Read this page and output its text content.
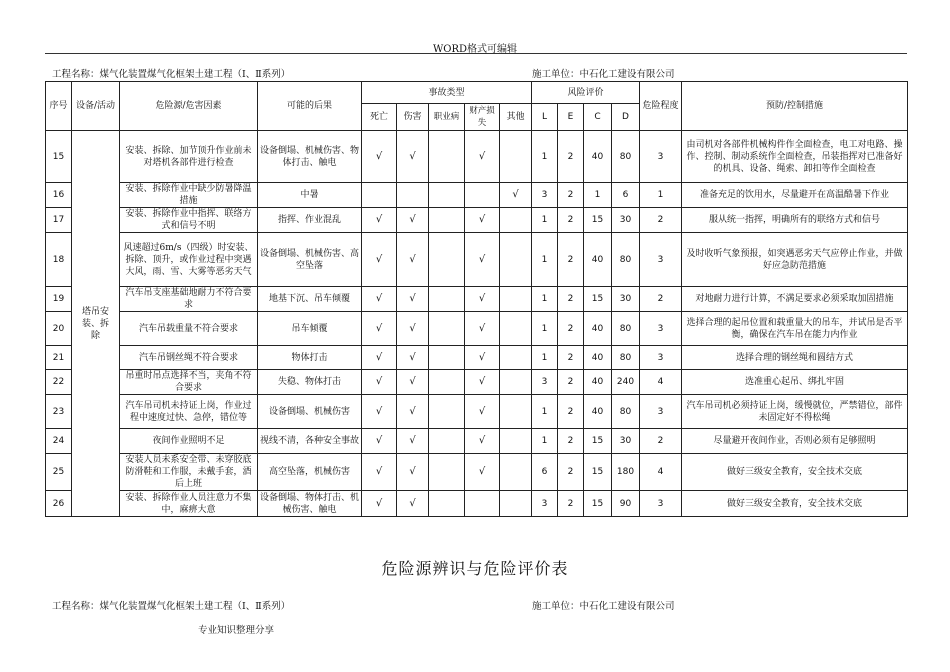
WORD格式可编辑
工程名称：煤气化装置煤气化框架土建工程（Ⅰ、Ⅱ系列）	施工单位：中石化工建设有限公司
序号	设备/活动	危险源/危害因素	可能的后果	事故类型					风险评价				危险程度	预防/控制措施
				死亡	伤害	职业病	财产损失	其他	L	E	C	D		
15	塔吊安装、拆除	安装、拆除、加节顶升作业前未对塔机各部件进行检查	设备倒塌、机械伤害、物体打击、触电	√	√		√		1	2	40	80	3	由司机对各部件机械构件作全面检查，电工对电路、操作、控制、制动系统作全面检查，吊装指挥对已准备好的机具、设备、绳索、卸扣等作全面检查
16		安装、拆除作业中缺少防暑降温措施	中暑					√	3	2	1	6	1	准备充足的饮用水，尽量避开在高温酷暑下作业
17		安装、拆除作业中指挥、联络方式和信号不明	指挥、作业混乱	√	√		√		1	2	15	30	2	服从统一指挥，明确所有的联络方式和信号
18		风速超过6m/s（四级）时安装、拆除、顶升，或作业过程中突遇大风，雨、雪、大雾等恶劣天气	设备倒塌、机械伤害、高空坠落	√	√		√		1	2	40	80	3	及时收听气象预报，如突遇恶劣天气应停止作业，并做好应急防范措施
19		汽车吊支座基础地耐力不符合要求	地基下沉、吊车倾覆	√	√		√		1	2	15	30	2	对地耐力进行计算，不满足要求必须采取加固措施
20		汽车吊载重量不符合要求	吊车倾覆	√	√		√		1	2	40	80	3	选择合理的起吊位置和载重量大的吊车，并试吊是否平衡，确保在汽车吊在能力内作业
21		汽车吊钢丝绳不符合要求	物体打击	√	√		√		1	2	40	80	3	选择合理的钢丝绳和圆结方式
22		吊重时吊点选择不当，夹角不符合要求	失稳、物体打击	√	√		√		3	2	40	240	4	选准重心起吊、绑扎牢固
23		汽车吊司机未持证上岗，作业过程中速度过快、急停，错位等	设备倒塌、机械伤害	√	√		√		1	2	40	80	3	汽车吊司机必须持证上岗，缓慢就位，严禁错位，部件未固定好不得松绳
24		夜间作业照明不足	视线不清，各种安全事故	√	√		√		1	2	15	30	2	尽量避开夜间作业，否则必须有足够照明
25		安装人员未系安全带、未穿胶底防滑鞋和工作服，未戴手套，酒后上班	高空坠落，机械伤害	√	√		√		6	2	15	180	4	做好三级安全教育，安全技术交底
26		安装、拆除作业人员注意力不集中，麻痹大意	设备倒塌、物体打击、机械伤害、触电	√	√				3	2	15	90	3	做好三级安全教育，安全技术交底
危险源辨识与危险评价表
工程名称：煤气化装置煤气化框架土建工程（Ⅰ、Ⅱ系列）	施工单位：中石化工建设有限公司
专业知识整理分享
